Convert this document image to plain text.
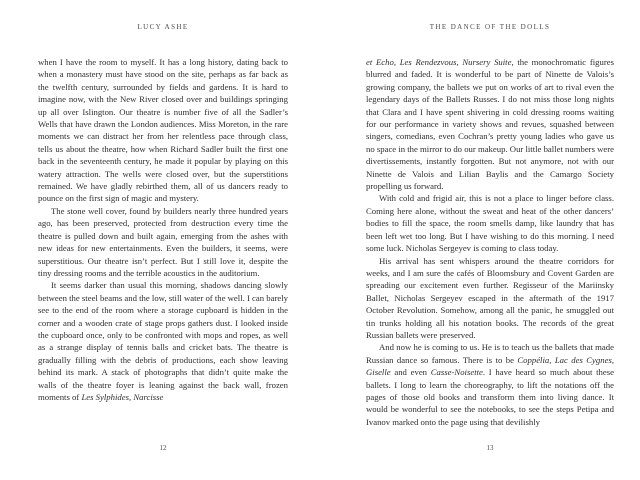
LUCY ASHE

when I have the room to myself. It has a long history, dating back to when a monastery must have stood on the site, perhaps as far back as the twelfth century, surrounded by fields and gardens. It is hard to imagine now, with the New River closed over and buildings springing up all over Islington. Our theatre is number five of all the Sadler’s Wells that have drawn the London audiences. Miss Moreton, in the rare moments we can distract her from her relentless pace through class, tells us about the theatre, how when Richard Sadler built the first one back in the seventeenth century, he made it popular by playing on this watery attraction. The wells were closed over, but the superstitions remained. We have gladly rebirthed them, all of us dancers ready to pounce on the first sign of magic and mystery.

The stone well cover, found by builders nearly three hundred years ago, has been preserved, protected from destruction every time the theatre is pulled down and built again, emerging from the ashes with new ideas for new entertainments. Even the builders, it seems, were superstitious. Our theatre isn’t perfect. But I still love it, despite the tiny dressing rooms and the terrible acoustics in the auditorium.

It seems darker than usual this morning, shadows dancing slowly between the steel beams and the low, still water of the well. I can barely see to the end of the room where a storage cupboard is hidden in the corner and a wooden crate of stage props gathers dust. I looked inside the cupboard once, only to be confronted with mops and ropes, as well as a strange display of tennis balls and cricket bats. The theatre is gradually filling with the debris of productions, each show leaving behind its mark. A stack of photographs that didn’t quite make the walls of the theatre foyer is leaning against the back wall, frozen moments of Les Sylphides, Narcisse

12
THE DANCE OF THE DOLLS

et Echo, Les Rendezvous, Nursery Suite, the monochromatic figures blurred and faded. It is wonderful to be part of Ninette de Valois’s growing company, the ballets we put on works of art to rival even the legendary days of the Ballets Russes. I do not miss those long nights that Clara and I have spent shivering in cold dressing rooms waiting for our performance in variety shows and revues, squashed between singers, comedians, even Cochran’s pretty young ladies who gave us no space in the mirror to do our makeup. Our little ballet numbers were divertissements, instantly forgotten. But not anymore, not with our Ninette de Valois and Lilian Baylis and the Camargo Society propelling us forward.

With cold and frigid air, this is not a place to linger before class. Coming here alone, without the sweat and heat of the other dancers’ bodies to fill the space, the room smells damp, like laundry that has been left wet too long. But I have wishing to do this morning. I need some luck. Nicholas Sergeyev is coming to class today.

His arrival has sent whispers around the theatre corridors for weeks, and I am sure the cafés of Bloomsbury and Covent Garden are spreading our excitement even further. Regisseur of the Mariinsky Ballet, Nicholas Sergeyev escaped in the aftermath of the 1917 October Revolution. Somehow, among all the panic, he smuggled out tin trunks holding all his notation books. The records of the great Russian ballets were preserved.

And now he is coming to us. He is to teach us the ballets that made Russian dance so famous. There is to be Coppélia, Lac des Cygnes, Giselle and even Casse-Noisette. I have heard so much about these ballets. I long to learn the choreography, to lift the notations off the pages of those old books and transform them into living dance. It would be wonderful to see the notebooks, to see the steps Petipa and Ivanov marked onto the page using that devilishly

13
